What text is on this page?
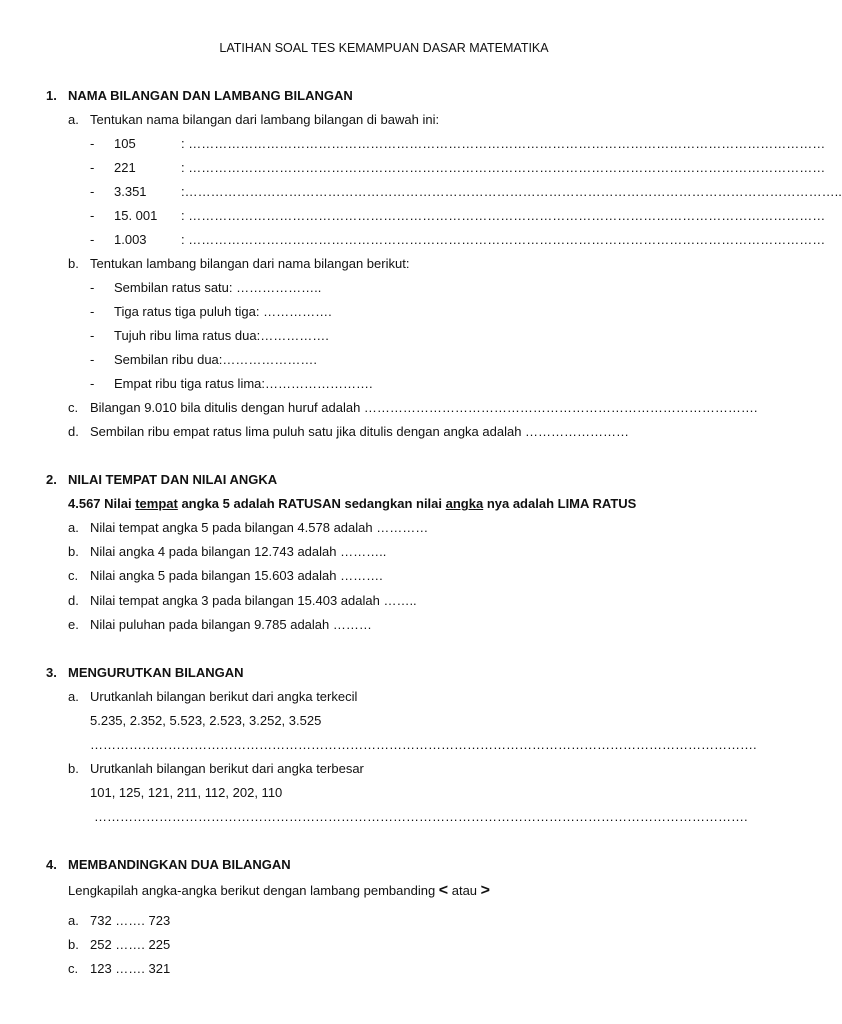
LATIHAN SOAL TES KEMAMPUAN DASAR MATEMATIKA
1. NAMA BILANGAN DAN LAMBANG BILANGAN
a. Tentukan nama bilangan dari lambang bilangan di bawah ini:
- 105	: …………………………………………………………………………………………………………………………………
- 221	: …………………………………………………………………………………………………………………………………
- 3.351	:……………………………………………………………………………………………………………………………………..
- 15. 001 : …………………………………………………………………………………………………………………………………
- 1.003	: …………………………………………………………………………………………………………………………………
b. Tentukan lambang bilangan dari nama bilangan berikut:
- Sembilan ratus satu: ………………..
- Tiga ratus tiga puluh tiga: …………….
- Tujuh ribu lima ratus dua:…………….
- Sembilan ribu dua:………………….
- Empat ribu tiga ratus lima:…………………….
c. Bilangan 9.010 bila ditulis dengan huruf adalah ……………………………………………………………………………….
d. Sembilan ribu empat ratus lima puluh satu jika ditulis dengan angka adalah ……………………
2. NILAI TEMPAT DAN NILAI ANGKA
4.567 Nilai tempat angka 5 adalah RATUSAN sedangkan nilai angka nya adalah LIMA RATUS
a. Nilai tempat angka 5 pada bilangan 4.578 adalah …………
b. Nilai angka 4 pada bilangan 12.743 adalah ………..
c. Nilai angka 5 pada bilangan 15.603 adalah ……….
d. Nilai tempat angka 3 pada bilangan 15.403 adalah ……..
e. Nilai puluhan pada bilangan 9.785 adalah ………
3. MENGURUTKAN BILANGAN
a. Urutkanlah bilangan berikut dari angka terkecil
5.235, 2.352, 5.523, 2.523, 3.252, 3.525
……………………………………………………………………………………………………………………………………….
b. Urutkanlah bilangan berikut dari angka terbesar
101, 125, 121, 211, 112, 202, 110
…………………………………………………………………………………………………………………………………….
4. MEMBANDINGKAN DUA BILANGAN
Lengkapilah angka-angka berikut dengan lambang pembanding < atau >
a. 732 ……. 723
b. 252 ……. 225
c. 123 ……. 321
